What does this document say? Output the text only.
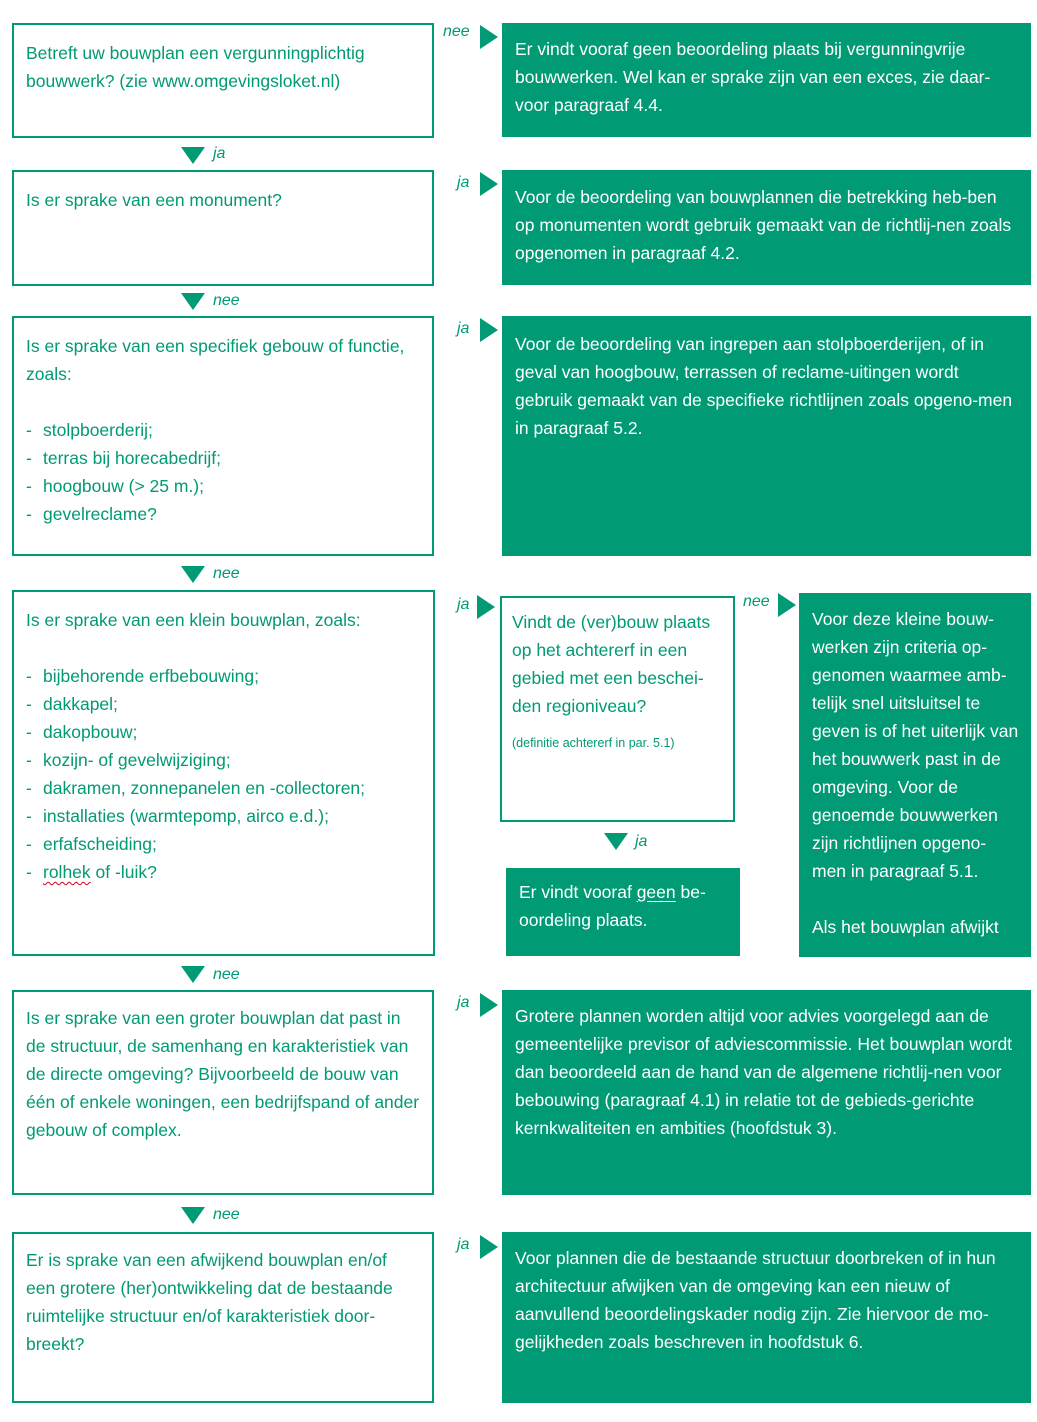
Betreft uw bouwplan een vergunningplichtig bouwwerk? (zie www.omgevingsloket.nl)
nee
Er vindt vooraf geen beoordeling plaats bij vergunningvrije bouwwerken. Wel kan er sprake zijn van een exces, zie daar-voor paragraaf 4.4.
ja
Is er sprake van een monument?
ja
Voor de beoordeling van bouwplannen die betrekking heb-ben op monumenten wordt gebruik gemaakt van de richtlij-nen zoals opgenomen in paragraaf 4.2.
nee
Is er sprake van een specifiek gebouw of functie, zoals:
- stolpboerderij;
- terras bij horecabedrijf;
- hoogbouw (> 25 m.);
- gevelreclame?
ja
Voor de beoordeling van ingrepen aan stolpboerderijen, of in geval van hoogbouw, terrassen of reclame-uitingen wordt gebruik gemaakt van de specifieke richtlijnen zoals opgeno-men in paragraaf 5.2.
nee
Is er sprake van een klein bouwplan, zoals:
- bijbehorende erfbebouwing;
- dakkapel;
- dakopbouw;
- kozijn- of gevelwijziging;
- dakramen, zonnepanelen en -collectoren;
- installaties (warmtepomp, airco e.d.);
- erfafscheiding;
- rolhek of -luik?
ja
Vindt de (ver)bouw plaats op het achtererf in een gebied met een beschei-den regioniveau?
(definitie achtererf in par. 5.1)
nee
Voor deze kleine bouw-werken zijn criteria op-genomen waarmee amb-telijk snel uitsluitsel te geven is of het uiterlijk van het bouwwerk past in de omgeving. Voor de genoemde bouwwerken zijn richtlijnen opgeno-men in paragraaf 5.1.
Als het bouwplan afwijkt
ja
Er vindt vooraf geen be-oordeling plaats.
nee
Is er sprake van een groter bouwplan dat past in de structuur, de samenhang en karakteristiek van de directe omgeving? Bijvoorbeeld de bouw van één of enkele woningen, een bedrijfspand of ander gebouw of complex.
ja
Grotere plannen worden altijd voor advies voorgelegd aan de gemeentelijke previsor of adviescommissie. Het bouwplan wordt dan beoordeeld aan de hand van de algemene richtlij-nen voor bebouwing (paragraaf 4.1) in relatie tot de gebieds-gerichte kernkwaliteiten en ambities (hoofdstuk 3).
nee
Er is sprake van een afwijkend bouwplan en/of een grotere (her)ontwikkeling dat de bestaande ruimtelijke structuur en/of karakteristiek door-breekt?
ja
Voor plannen die de bestaande structuur doorbreken of in hun architectuur afwijken van de omgeving kan een nieuw of aanvullend beoordelingskader nodig zijn. Zie hiervoor de mo-gelijkheden zoals beschreven in hoofdstuk 6.
